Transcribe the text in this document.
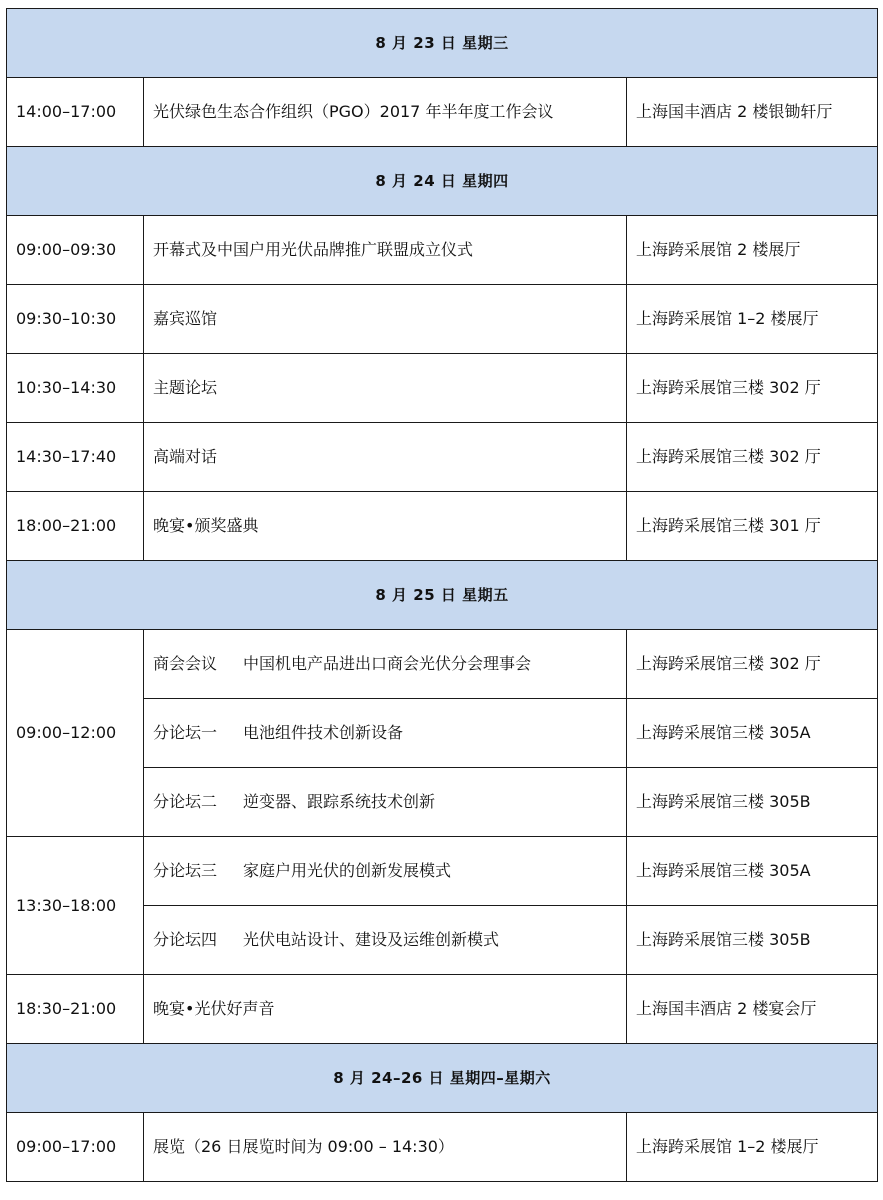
8 月 23 日 星期三		
14:00–17:00	光伏绿色生态合作组织（PGO）2017 年半年度工作会议	上海国丰酒店 2 楼银锄轩厅
8 月 24 日 星期四		
09:00–09:30	开幕式及中国户用光伏品牌推广联盟成立仪式	上海跨采展馆 2 楼展厅
09:30–10:30	嘉宾巡馆	上海跨采展馆 1–2 楼展厅
10:30–14:30	主题论坛	上海跨采展馆三楼 302 厅
14:30–17:40	高端对话	上海跨采展馆三楼 302 厅
18:00–21:00	晚宴•颁奖盛典	上海跨采展馆三楼 301 厅
8 月 25 日 星期五		
09:00–12:00	商会会议 中国机电产品进出口商会光伏分会理事会	上海跨采展馆三楼 302 厅
	分论坛一 电池组件技术创新设备	上海跨采展馆三楼 305A
	分论坛二 逆变器、跟踪系统技术创新	上海跨采展馆三楼 305B
13:30–18:00	分论坛三 家庭户用光伏的创新发展模式	上海跨采展馆三楼 305A
	分论坛四 光伏电站设计、建设及运维创新模式	上海跨采展馆三楼 305B
18:30–21:00	晚宴•光伏好声音	上海国丰酒店 2 楼宴会厅
8 月 24–26 日 星期四–星期六		
09:00–17:00	展览（26 日展览时间为 09:00 – 14:30）	上海跨采展馆 1–2 楼展厅
